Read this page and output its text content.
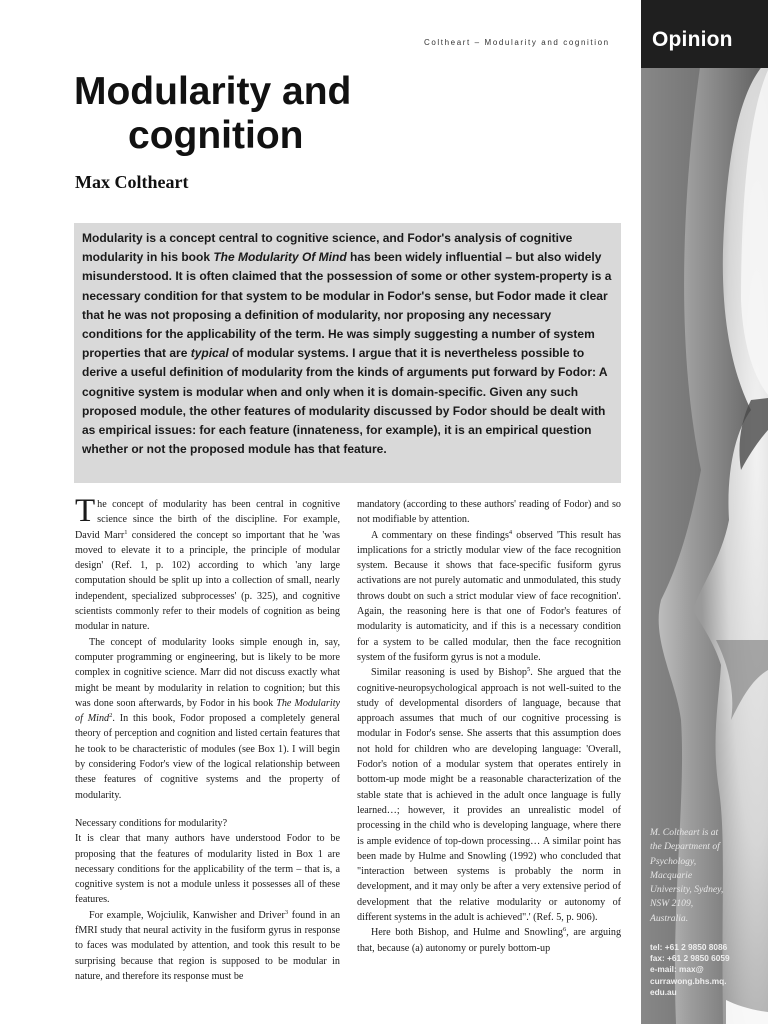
Opinion
M. Coltheart is at
the Department of
Psychology,
Macquarie
University, Sydney,
NSW 2109,
Australia.
tel: +61 2 9850 8086
fax: +61 2 9850 6059
e-mail: max@
currawong.bhs.mq.
edu.au
Coltheart – Modularity and cognition
Modularity and
cognition
Max Coltheart
Modularity is a concept central to cognitive science, and Fodor's analysis of cognitive modularity in his book The Modularity Of Mind has been widely influential – but also widely misunderstood. It is often claimed that the possession of some or other system-property is a necessary condition for that system to be modular in Fodor's sense, but Fodor made it clear that he was not proposing a definition of modularity, nor proposing any necessary conditions for the applicability of the term. He was simply suggesting a number of system properties that are typical of modular systems. I argue that it is nevertheless possible to derive a useful definition of modularity from the kinds of arguments put forward by Fodor: A cognitive system is modular when and only when it is domain-specific. Given any such proposed module, the other features of modularity discussed by Fodor should be dealt with as empirical issues: for each feature (innateness, for example), it is an empirical question whether or not the proposed module has that feature.

The concept of modularity has been central in cognitive science since the birth of the discipline. For example, David Marr$^1$ considered the concept so important that he 'was moved to elevate it to a principle, the principle of modular design' (Ref. 1, p. 102) according to which 'any large computation should be split up into a collection of small, nearly independent, specialized subprocesses' (p. 325), and cognitive scientists commonly refer to their models of cognition as being modular in nature.

The concept of modularity looks simple enough in, say, computer programming or engineering, but is likely to be more complex in cognitive science. Marr did not discuss exactly what might be meant by modularity in relation to cognition; but this was done soon afterwards, by Fodor in his book The Modularity of Mind$^2$. In this book, Fodor proposed a completely general theory of perception and cognition and listed certain features that he took to be characteristic of modules (see Box 1). I will begin by considering Fodor's view of the logical relationship between these features of cognitive systems and the property of modularity.

Necessary conditions for modularity?

It is clear that many authors have understood Fodor to be proposing that the features of modularity listed in Box 1 are necessary conditions for the applicability of the term – that is, a cognitive system is not a module unless it possesses all of these features.

For example, Wojciulik, Kanwisher and Driver$^3$ found in an fMRI study that neural activity in the fusiform gyrus in response to faces was modulated by attention, and took this result to be surprising because that region is supposed to be modular in nature, and therefore its response must be

mandatory (according to these authors' reading of Fodor) and so not modifiable by attention.

A commentary on these findings$^4$ observed 'This result has implications for a strictly modular view of the face recognition system. Because it shows that face-specific fusiform gyrus activations are not purely automatic and unmodulated, this study throws doubt on such a strict modular view of face recognition'. Again, the reasoning here is that one of Fodor's features of modularity is automaticity, and if this is a necessary condition for a system to be called modular, then the face recognition system of the fusiform gyrus is not a module.

Similar reasoning is used by Bishop$^5$. She argued that the cognitive-neuropsychological approach is not well-suited to the study of developmental disorders of language, because that approach assumes that much of our cognitive processing is modular in Fodor's sense. She asserts that this assumption does not hold for children who are developing language: 'Overall, Fodor's notion of a modular system that operates entirely in bottom-up mode might be a reasonable characterization of the stable state that is achieved in the adult once language is fully learned…; however, it provides an unrealistic model of processing in the child who is developing language, where there is ample evidence of top-down processing… A similar point has been made by Hulme and Snowling (1992) who concluded that "interaction between systems is probably the norm in development, and it may only be after a very extensive period of development that the relative modularity or autonomy of different systems in the adult is achieved".' (Ref. 5, p. 906).

Here both Bishop, and Hulme and Snowling$^6$, are arguing that, because (a) autonomy or purely bottom-up
